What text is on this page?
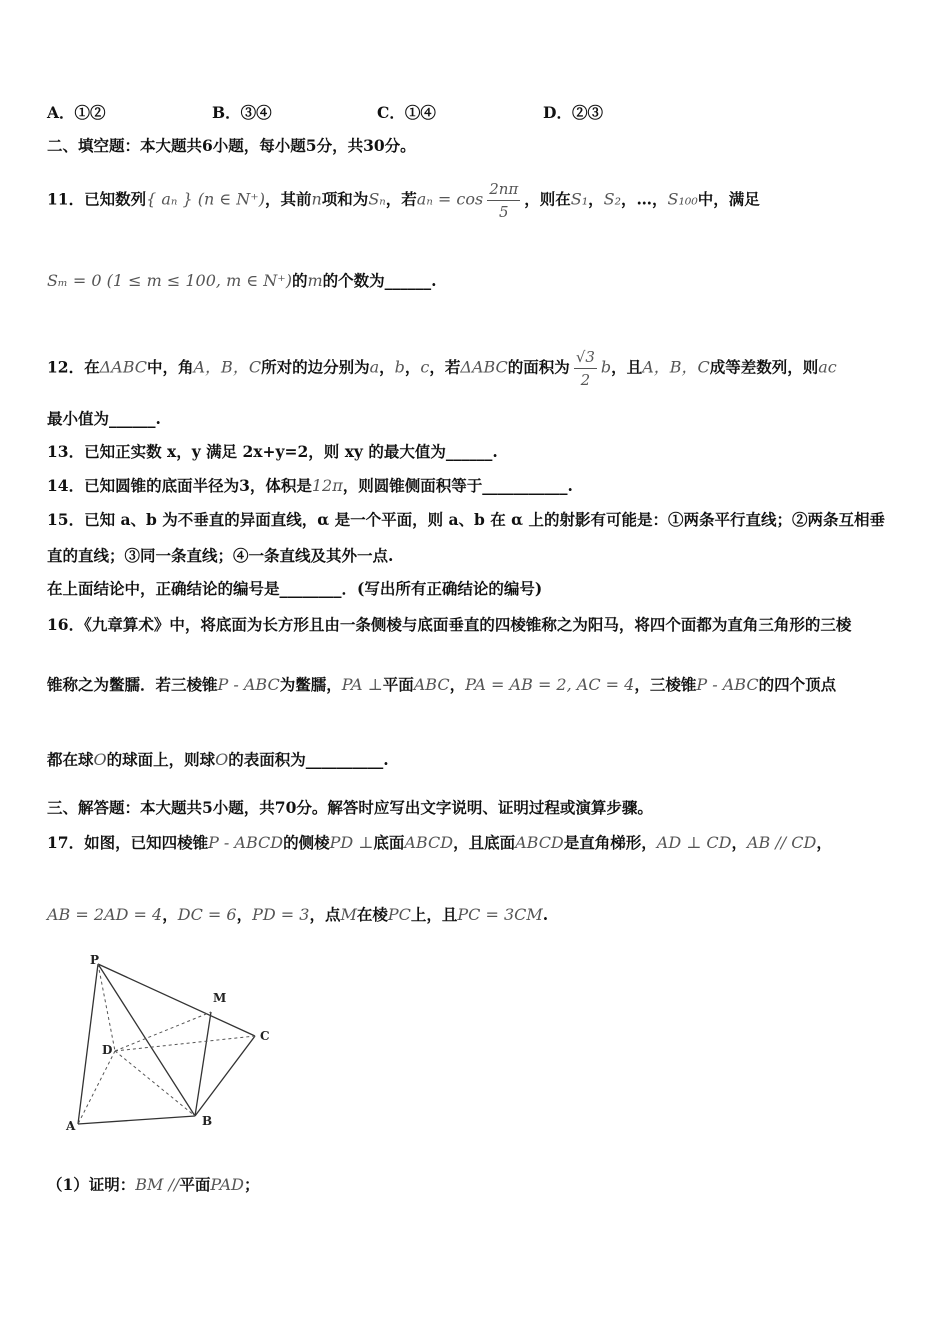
A．①②	B．③④	C．①④	D．②③
二、填空题：本大题共6小题，每小题5分，共30分。
11．已知数列{ aₙ } (n ∈ N⁺)，其前n项和为Sₙ，若$a_n = \cos \frac{2n\pi}{5}$ ，则在S₁，S₂，…，S₁₀₀中，满足
Sₘ = 0 (1 ≤ m ≤ 100, m ∈ N⁺)的m的个数为______.
12．在ΔABC中，角A，B，C所对的边分别为a，b，c，若ΔABC的面积为 $\frac{√3}{2}$ b，且A，B，C成等差数列，则ac
最小值为______.
13．已知正实数 x，y 满足 2x+y=2，则 xy 的最大值为______.
14．已知圆锥的底面半径为3，体积是12π，则圆锥侧面积等于___________.
15．已知 a、b 为不垂直的异面直线，α 是一个平面，则 a、b 在 α 上的射影有可能是：①两条平行直线；②两条互相垂
直的直线；③同一条直线；④一条直线及其外一点.
在上面结论中，正确结论的编号是________．(写出所有正确结论的编号)
16．《九章算术》中，将底面为长方形且由一条侧棱与底面垂直的四棱锥称之为阳马，将四个面都为直角三角形的三棱
锥称之为鳖臑．若三棱锥P - ABC为鳖臑，PA ⊥平面ABC，PA = AB = 2, AC = 4，三棱锥P - ABC的四个顶点
都在球O的球面上，则球O的表面积为__________.
三、解答题：本大题共5小题，共70分。解答时应写出文字说明、证明过程或演算步骤。
17．如图，已知四棱锥P - ABCD的侧棱PD ⊥底面ABCD，且底面ABCD是直角梯形，AD ⊥ CD，AB // CD，
AB = 2AD = 4，DC = 6，PD = 3，点M在棱PC上，且PC = 3CM.
P
M
C
D
A	B
（1）证明：BM //平面PAD；
